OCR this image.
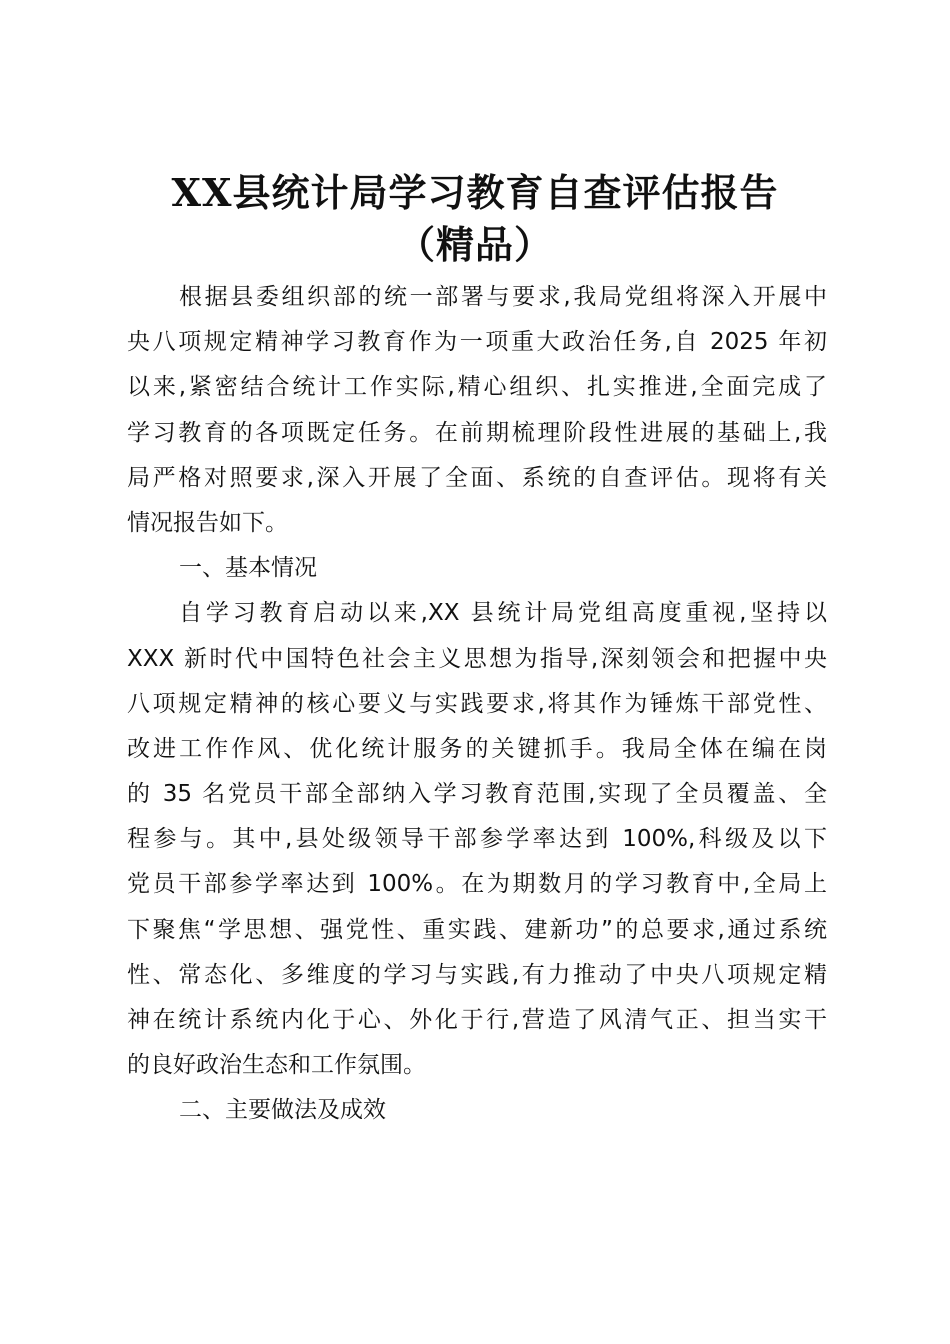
XX县统计局学习教育自查评估报告
（精品）
根据县委组织部的统一部署与要求,我局党组将深入开展中
央八项规定精神学习教育作为一项重大政治任务,自 2025 年初
以来,紧密结合统计工作实际,精心组织、扎实推进,全面完成了
学习教育的各项既定任务。在前期梳理阶段性进展的基础上,我
局严格对照要求,深入开展了全面、系统的自查评估。现将有关
情况报告如下。
一、基本情况
自学习教育启动以来,XX 县统计局党组高度重视,坚持以
XXX 新时代中国特色社会主义思想为指导,深刻领会和把握中央
八项规定精神的核心要义与实践要求,将其作为锤炼干部党性、
改进工作作风、优化统计服务的关键抓手。我局全体在编在岗
的 35 名党员干部全部纳入学习教育范围,实现了全员覆盖、全
程参与。其中,县处级领导干部参学率达到 100%,科级及以下
党员干部参学率达到 100%。在为期数月的学习教育中,全局上
下聚焦“学思想、强党性、重实践、建新功”的总要求,通过系统
性、常态化、多维度的学习与实践,有力推动了中央八项规定精
神在统计系统内化于心、外化于行,营造了风清气正、担当实干
的良好政治生态和工作氛围。
二、主要做法及成效
